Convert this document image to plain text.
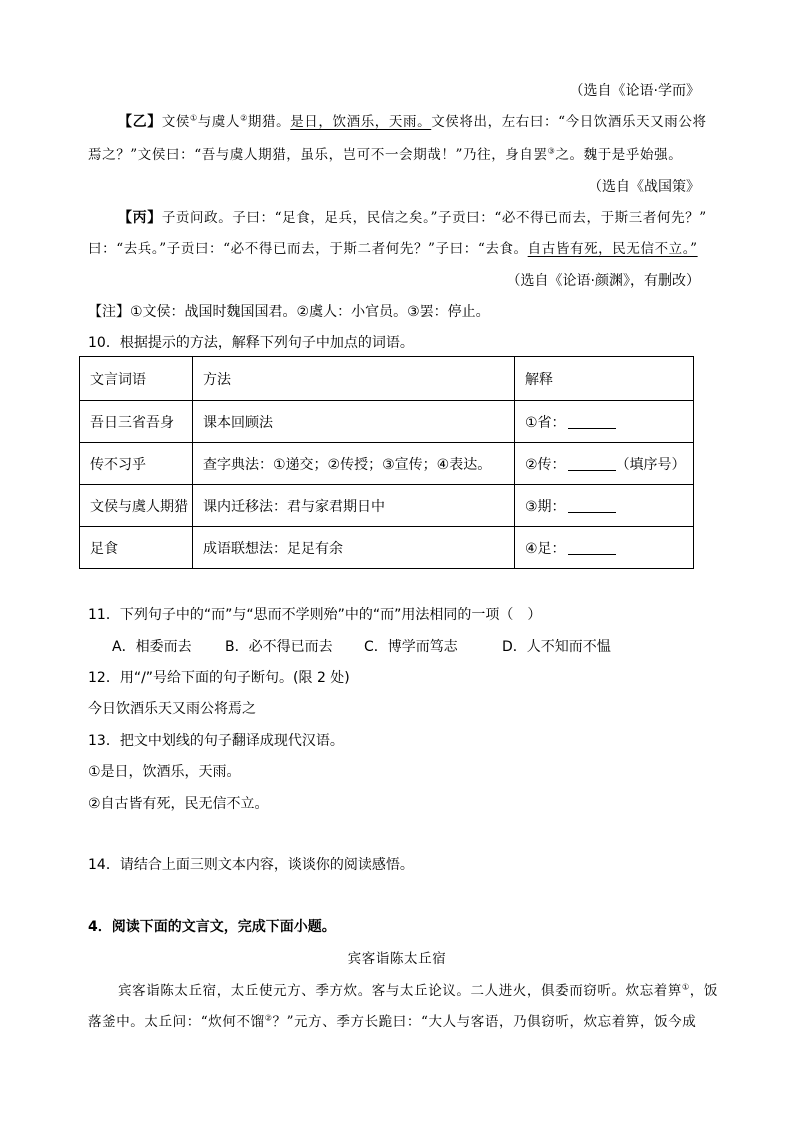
（选自《论语·学而》
【乙】文侯①与虞人②期猎。是日，饮酒乐，天雨。文侯将出，左右曰：“今日饮酒乐天又雨公将
焉之？”文侯曰：“吾与虞人期猎，虽乐，岂可不一会期哉！”乃往，身自罢③之。魏于是乎始强。
（选自《战国策》
【丙】子贡问政。子曰：“足食，足兵，民信之矣。”子贡曰：“必不得已而去，于斯三者何先？”
曰：“去兵。”子贡曰：“必不得已而去，于斯二者何先？”子曰：“去食。自古皆有死，民无信不立。”
（选自《论语·颜渊》，有删改）
【注】①文侯：战国时魏国国君。②虞人：小官员。③罢：停止。
10．根据提示的方法，解释下列句子中加点的词语。
文言词语	方法	解释
吾日三省吾身	课本回顾法	①省：
传不习乎	查字典法：①递交；②传授；③宣传；④表达。	②传： （填序号）
文侯与虞人期猎	课内迁移法：君与家君期日中	③期：
足食	成语联想法：足足有余	④足：
11．下列句子中的“而”与“思而不学则殆”中的“而”用法相同的一项（　）
A．相委而去 B．必不得已而去 C．博学而笃志	D．人不知而不愠
12．用“/”号给下面的句子断句。(限 2 处)
今日饮酒乐天又雨公将焉之
13．把文中划线的句子翻译成现代汉语。
①是日，饮酒乐，天雨。
②自古皆有死，民无信不立。
14．请结合上面三则文本内容，谈谈你的阅读感悟。
4．阅读下面的文言文，完成下面小题。
宾客诣陈太丘宿
宾客诣陈太丘宿，太丘使元方、季方炊。客与太丘论议。二人进火，俱委而窃听。炊忘着箅①，饭
落釜中。太丘问：“炊何不馏②？”元方、季方长跪曰：“大人与客语，乃俱窃听，炊忘着箅，饭今成
